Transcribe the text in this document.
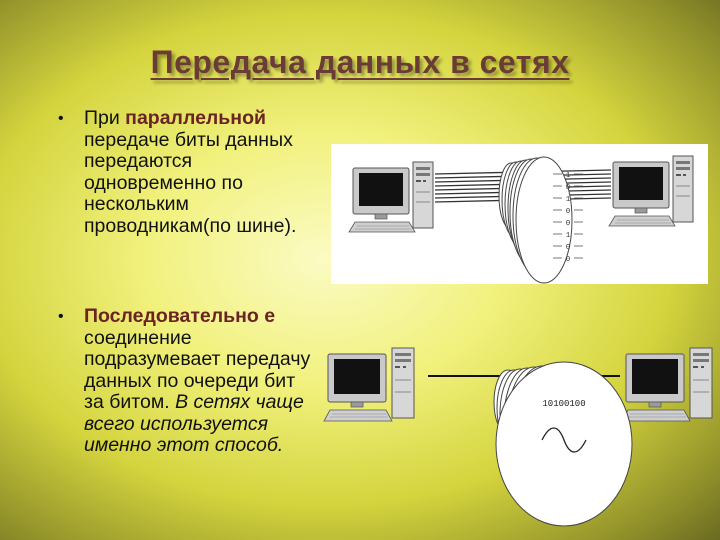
Передача данных в сетях
•	При параллельной передаче биты данных передаются одновременно по нескольким проводникам(по шине).
•	Последовательно е соединение подразумевает передачу данных по очереди бит за битом. В сетях чаще всего используется именно этот способ.
1
0
1
0
0
1
0
0
10100100
